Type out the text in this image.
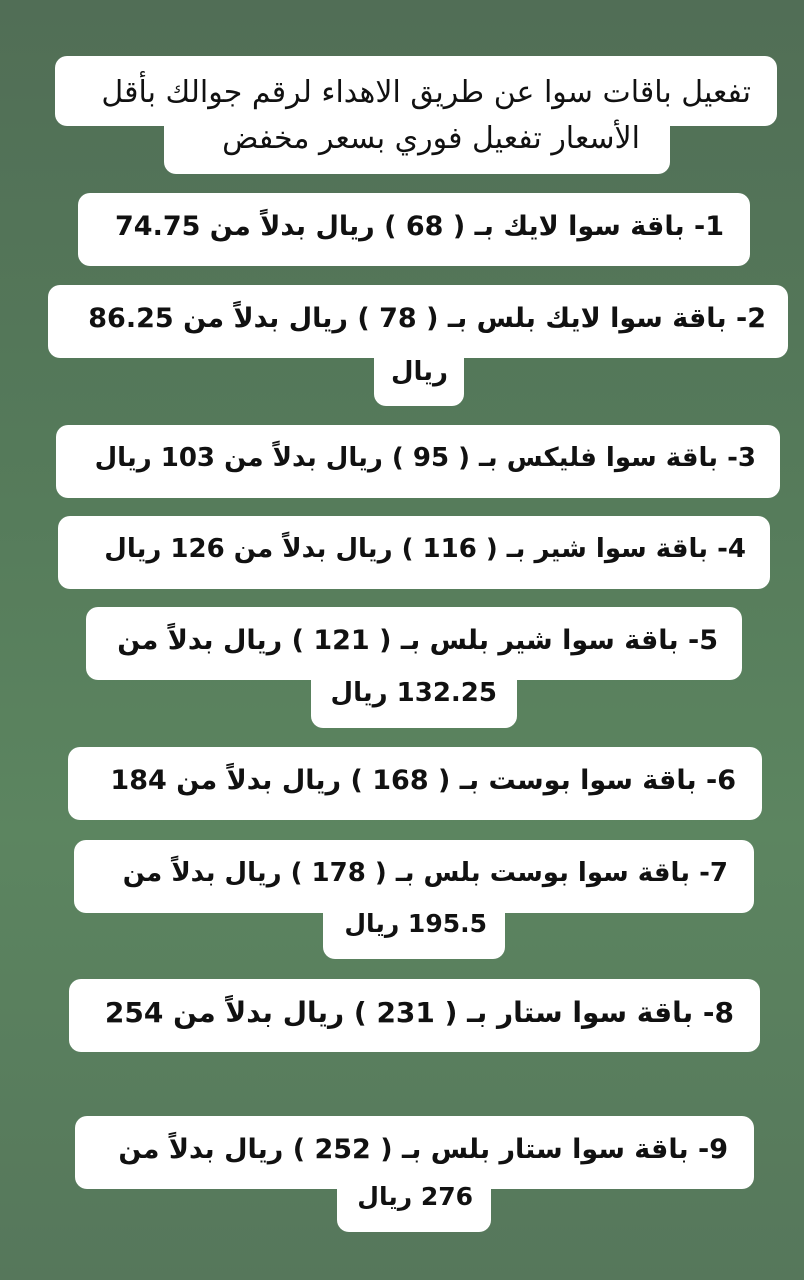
تفعيل باقات سوا عن طريق الاهداء لرقم جوالك بأقل
الأسعار تفعيل فوري بسعر مخفض
1- باقة سوا لايك بـ ( 68 ) ريال بدلاً من 74.75
2- باقة سوا لايك بلس بـ ( 78 ) ريال بدلاً من 86.25
ريال
3- باقة سوا فليكس بـ ( 95 ) ريال بدلاً من 103 ريال
4- باقة سوا شير بـ ( 116 ) ريال بدلاً من 126 ريال
5- باقة سوا شير بلس بـ ( 121 ) ريال بدلاً من
132.25 ريال
6- باقة سوا بوست بـ ( 168 ) ريال بدلاً من 184
7- باقة سوا بوست بلس بـ ( 178 ) ريال بدلاً من
195.5 ريال
8- باقة سوا ستار بـ ( 231 ) ريال بدلاً من 254
9- باقة سوا ستار بلس بـ ( 252 ) ريال بدلاً من
276 ريال
